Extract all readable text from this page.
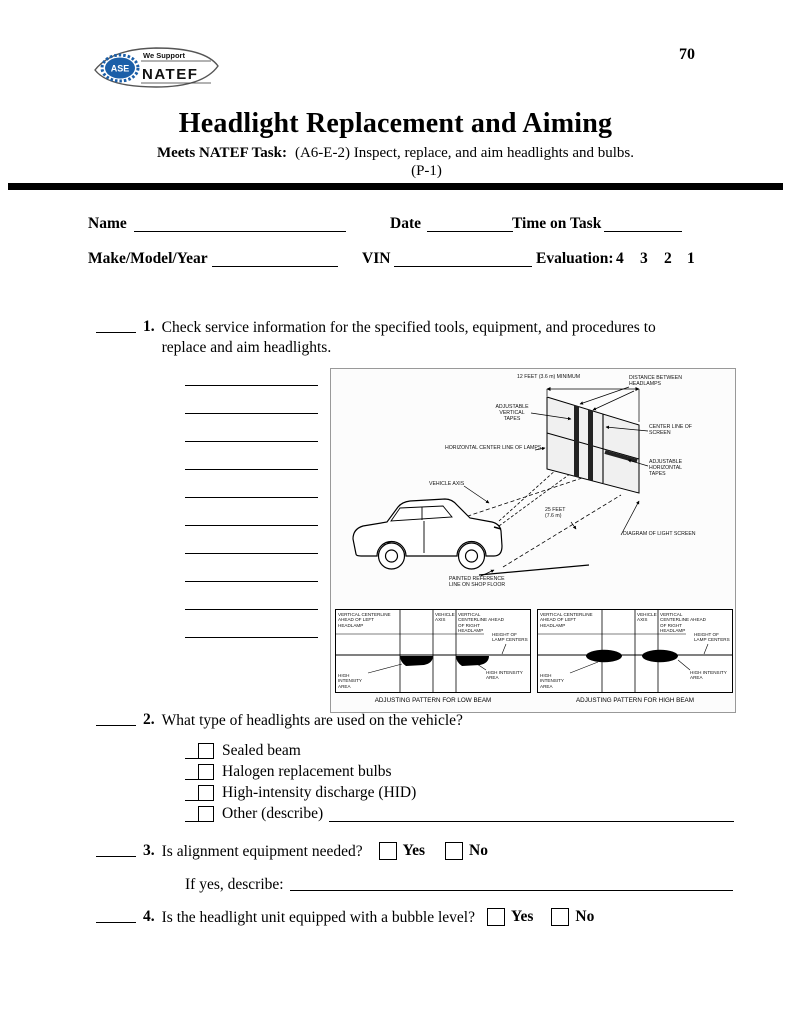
ASE
We Support
NATEF
70
Headlight Replacement and Aiming
Meets NATEF Task: (A6-E-2) Inspect, replace, and aim headlights and bulbs.
(P-1)
Name	Date	Time on Task
Make/Model/Year	VIN	Evaluation: 4 3 2 1
1. Check service information for the specified tools, equipment, and procedures to replace and aim headlights.
12 FEET (3.6 m) MINIMUM	DISTANCE BETWEEN HEADLAMPS
ADJUSTABLE VERTICAL TAPES
CENTER LINE OF SCREEN
HORIZONTAL CENTER LINE OF LAMPS
ADJUSTABLE HORIZONTAL TAPES
VEHICLE AXIS
25 FEET (7.6 m)
DIAGRAM OF LIGHT SCREEN
PAINTED REFERENCE LINE ON SHOP FLOOR
VERTICAL CENTERLINE AHEAD OF LEFT HEADLAMP
VEHICLE AXIS
VERTICAL CENTERLINE AHEAD OF RIGHT HEADLAMP
HEIGHT OF LAMP CENTERS
HIGH INTENSITY AREA
HIGH INTENSITY AREA
ADJUSTING PATTERN FOR LOW BEAM
VERTICAL CENTERLINE AHEAD OF LEFT HEADLAMP
VEHICLE AXIS
VERTICAL CENTERLINE AHEAD OF RIGHT HEADLAMP
HEIGHT OF LAMP CENTERS
HIGH INTENSITY AREA
HIGH INTENSITY AREA
ADJUSTING PATTERN FOR HIGH BEAM
2. What type of headlights are used on the vehicle?
Sealed beam
Halogen replacement bulbs
High-intensity discharge (HID)
Other (describe)
3. Is alignment equipment needed?	Yes	No
If yes, describe:
4. Is the headlight unit equipped with a bubble level? Yes	No
